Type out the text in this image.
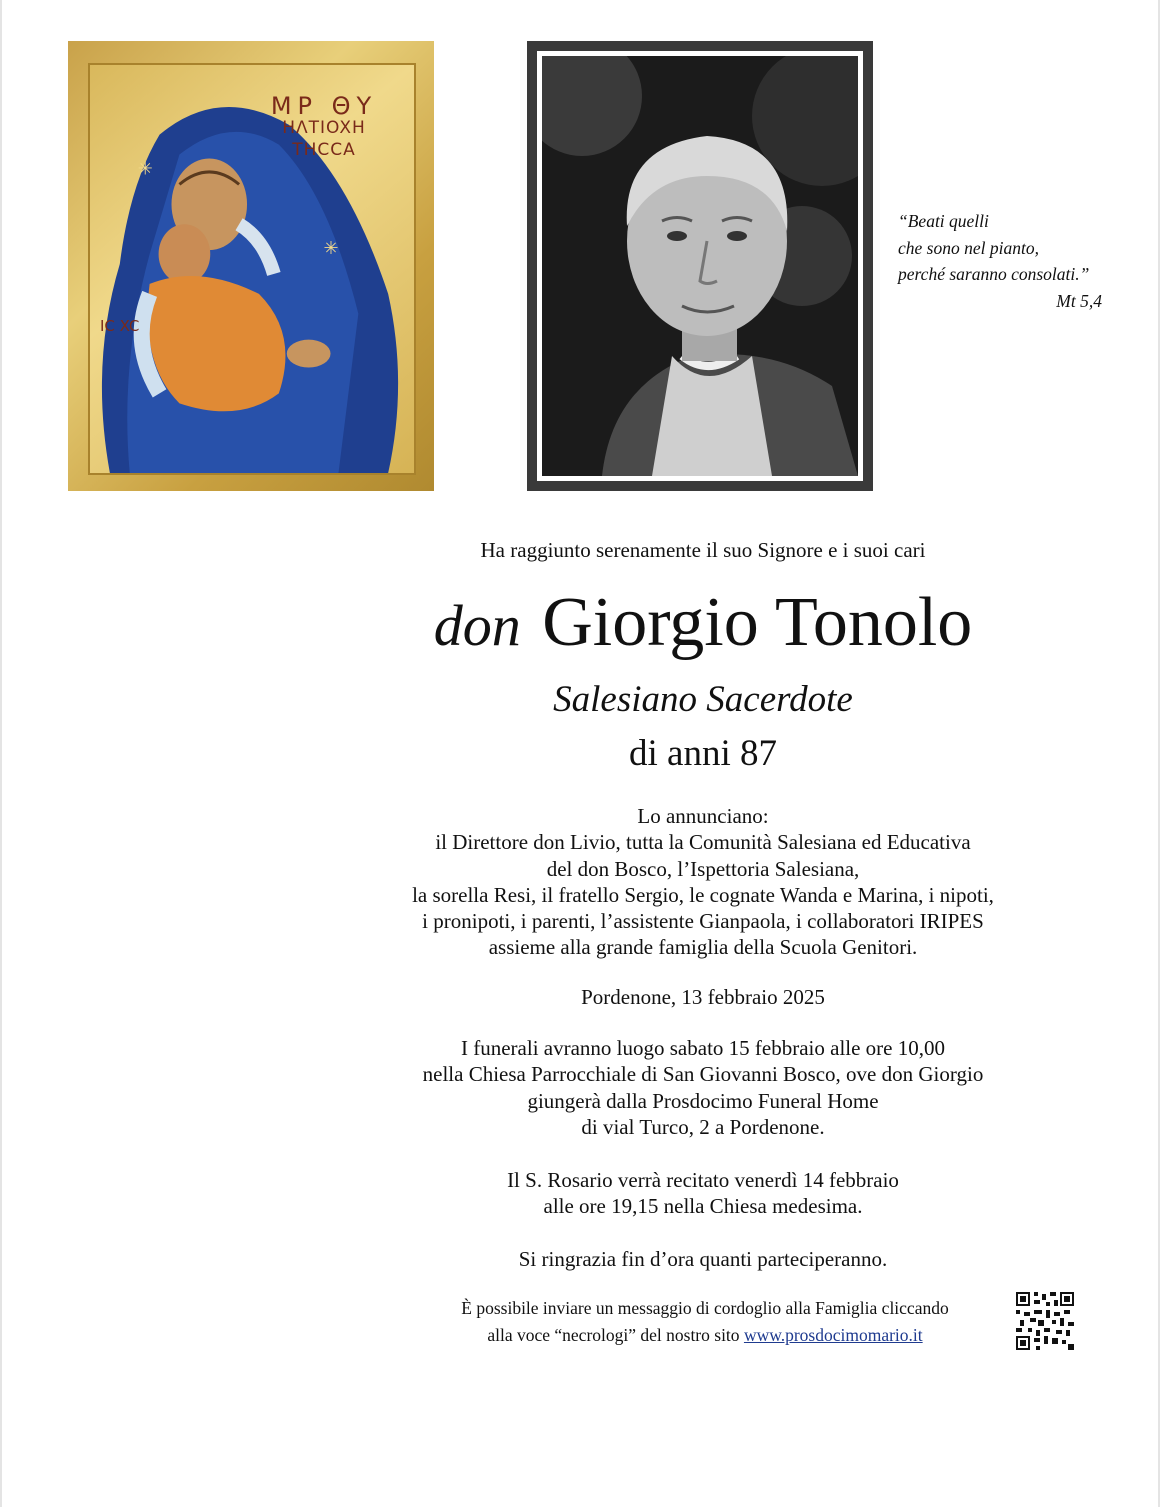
✳
✳
MP ΘY
HΛTIOXH
THCCA
IC XC
“Beati quelli
che sono nel pianto,
perché saranno consolati.”
Mt 5,4
Ha raggiunto serenamente il suo Signore e i suoi cari
don Giorgio Tonolo
Salesiano Sacerdote
di anni 87
Lo annunciano:
il Direttore don Livio, tutta la Comunità Salesiana ed Educativa
del don Bosco, l’Ispettoria Salesiana,
la sorella Resi, il fratello Sergio, le cognate Wanda e Marina, i nipoti,
i pronipoti, i parenti, l’assistente Gianpaola, i collaboratori IRIPES
assieme alla grande famiglia della Scuola Genitori.
Pordenone, 13 febbraio 2025
I funerali avranno luogo sabato 15 febbraio alle ore 10,00
nella Chiesa Parrocchiale di San Giovanni Bosco, ove don Giorgio
giungerà dalla Prosdocimo Funeral Home
di vial Turco, 2 a Pordenone.
Il S. Rosario verrà recitato venerdì 14 febbraio
alle ore 19,15 nella Chiesa medesima.
Si ringrazia fin d’ora quanti parteciperanno.
È possibile inviare un messaggio di cordoglio alla Famiglia cliccando
alla voce “necrologi” del nostro sito www.prosdocimomario.it
